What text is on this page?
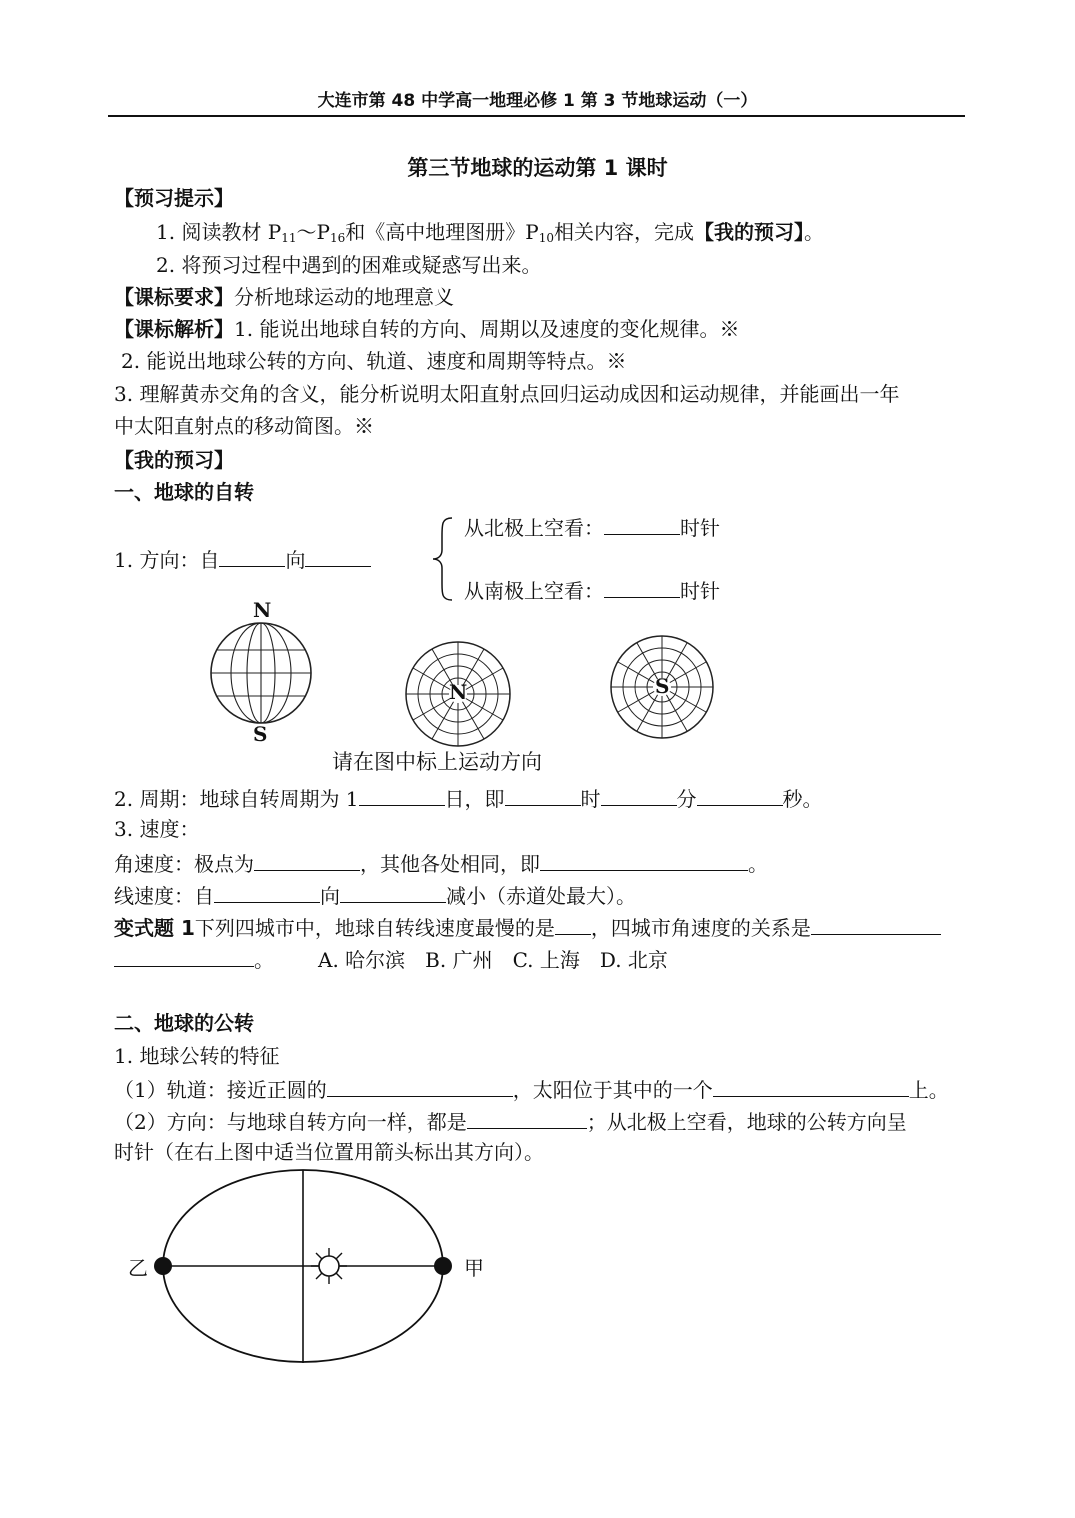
大连市第 48 中学高一地理必修 1 第 3 节地球运动（一）
第三节地球的运动第 1 课时
【预习提示】
1. 阅读教材 $P_{11}\sim P_{16}$和《高中地理图册》$P_{10}$相关内容，完成【我的预习】。
2. 将预习过程中遇到的困难或疑惑写出来。
【课标要求】分析地球运动的地理意义
【课标解析】1. 能说出地球自转的方向、周期以及速度的变化规律。※
2. 能说出地球公转的方向、轨道、速度和周期等特点。※
3. 理解黄赤交角的含义，能分析说明太阳直射点回归运动成因和运动规律，并能画出一年
中太阳直射点的移动简图。※
【我的预习】
一、地球的自转
1. 方向：自	向
从北极上空看：	时针
从南极上空看：	时针
N
S
N	S
请在图中标上运动方向
2. 周期：地球自转周期为 1	日，即	时	分	秒。
3. 速度：
角速度：极点为	，其他各处相同，即	。
线速度：自	向	减小（赤道处最大）。
变式题 1下列四城市中，地球自转线速度最慢的是 ，四城市角速度的关系是
。 A. 哈尔滨　B. 广州　C. 上海　D. 北京
二、地球的公转
1. 地球公转的特征
（1）轨道：接近正圆的	，太阳位于其中的一个	上。
（2）方向：与地球自转方向一样，都是	；从北极上空看，地球的公转方向呈
时针（在右上图中适当位置用箭头标出其方向）。
乙	甲
